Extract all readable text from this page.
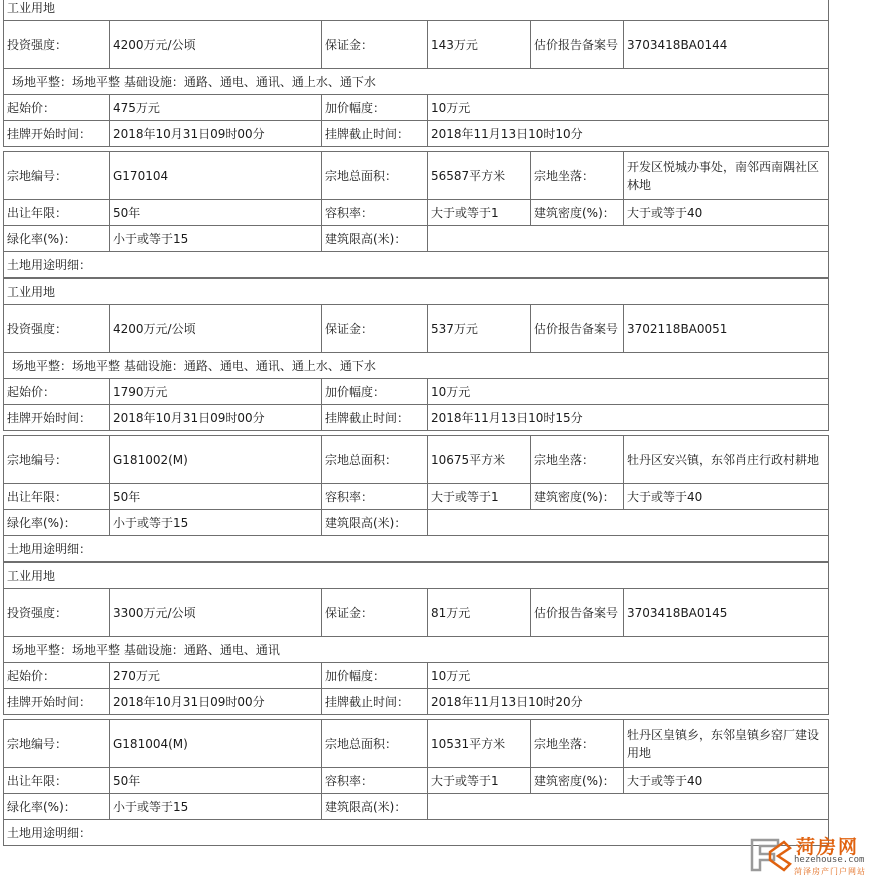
工业用地					
投资强度：	4200万元/公顷	保证金：	143万元	估价报告备案号	3703418BA0144
场地平整：场地平整 基础设施：通路、通电、通讯、通上水、通下水					
起始价：	475万元	加价幅度：	10万元		
挂牌开始时间：	2018年10月31日09时00分	挂牌截止时间：	2018年11月13日10时10分		
宗地编号：	G170104	宗地总面积：	56587平方米	宗地坐落：	开发区悦城办事处，南邻西南隅社区林地
出让年限：	50年	容积率：	大于或等于1	建筑密度(%)：	大于或等于40
绿化率(%)：	小于或等于15	建筑限高(米)：			
土地用途明细：					
工业用地					
投资强度：	4200万元/公顷	保证金：	537万元	估价报告备案号	3702118BA0051
场地平整：场地平整 基础设施：通路、通电、通讯、通上水、通下水					
起始价：	1790万元	加价幅度：	10万元		
挂牌开始时间：	2018年10月31日09时00分	挂牌截止时间：	2018年11月13日10时15分		
宗地编号：	G181002(M)	宗地总面积：	10675平方米	宗地坐落：	牡丹区安兴镇，东邻肖庄行政村耕地
出让年限：	50年	容积率：	大于或等于1	建筑密度(%)：	大于或等于40
绿化率(%)：	小于或等于15	建筑限高(米)：			
土地用途明细：					
工业用地					
投资强度：	3300万元/公顷	保证金：	81万元	估价报告备案号	3703418BA0145
场地平整：场地平整 基础设施：通路、通电、通讯					
起始价：	270万元	加价幅度：	10万元		
挂牌开始时间：	2018年10月31日09时00分	挂牌截止时间：	2018年11月13日10时20分		
宗地编号：	G181004(M)	宗地总面积：	10531平方米	宗地坐落：	牡丹区皇镇乡，东邻皇镇乡窑厂建设用地
出让年限：	50年	容积率：	大于或等于1	建筑密度(%)：	大于或等于40
绿化率(%)：	小于或等于15	建筑限高(米)：			
土地用途明细：					
菏房网
hezehouse.com
菏泽房产门户网站
